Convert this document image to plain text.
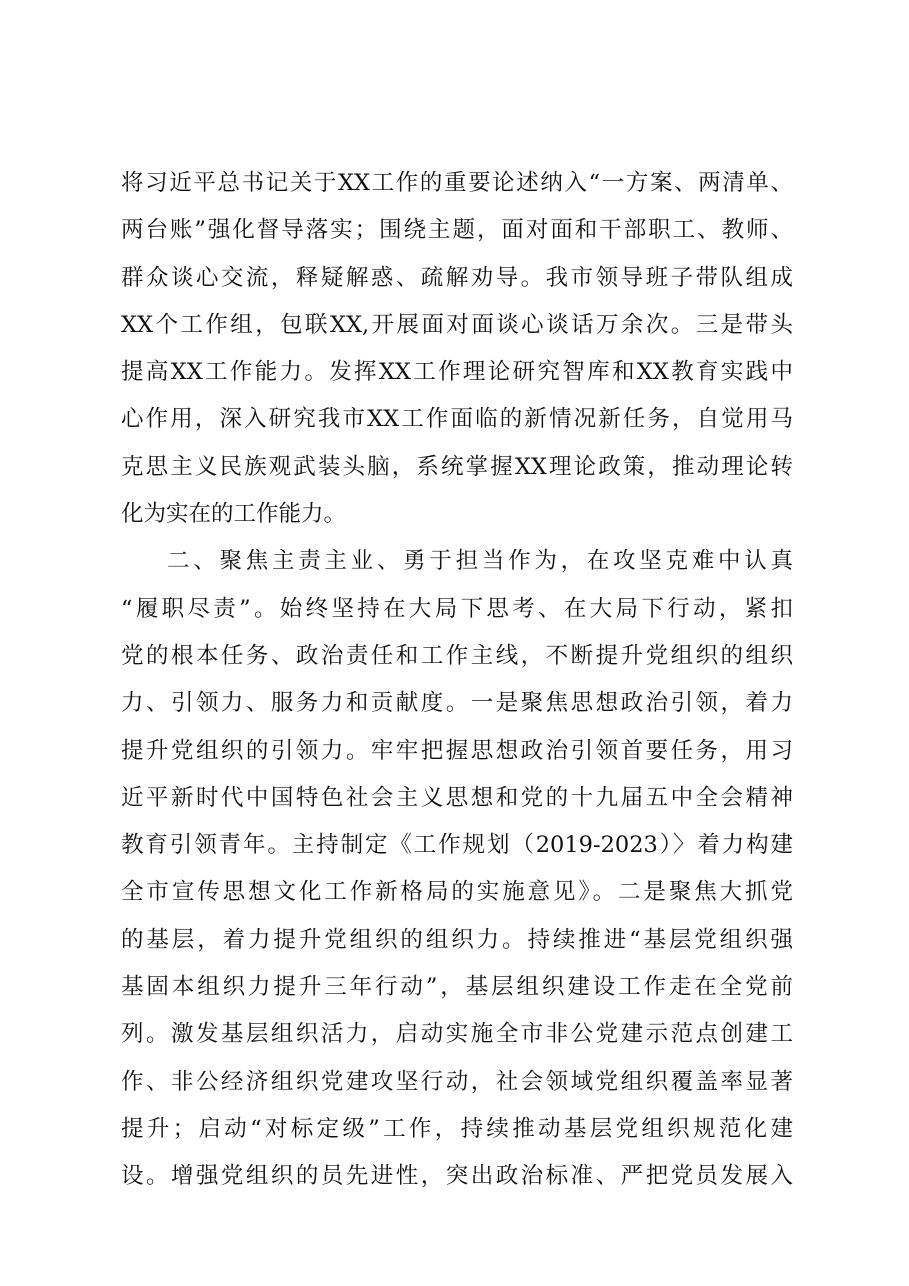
将习近平总书记关于XX工作的重要论述纳入“一方案、两清单、
两台账”强化督导落实；围绕主题，面对面和干部职工、教师、
群众谈心交流，释疑解惑、疏解劝导。我市领导班子带队组成
XX个工作组，包联XX,开展面对面谈心谈话万余次。三是带头
提高XX工作能力。发挥XX工作理论研究智库和XX教育实践中
心作用，深入研究我市XX工作面临的新情况新任务，自觉用马
克思主义民族观武装头脑，系统掌握XX理论政策，推动理论转
化为实在的工作能力。
二、聚焦主责主业、勇于担当作为，在攻坚克难中认真
“履职尽责”。始终坚持在大局下思考、在大局下行动，紧扣
党的根本任务、政治责任和工作主线，不断提升党组织的组织
力、引领力、服务力和贡献度。一是聚焦思想政治引领，着力
提升党组织的引领力。牢牢把握思想政治引领首要任务，用习
近平新时代中国特色社会主义思想和党的十九届五中全会精神
教育引领青年。主持制定《工作规划（2019-2023）〉着力构建
全市宣传思想文化工作新格局的实施意见》。二是聚焦大抓党
的基层，着力提升党组织的组织力。持续推进“基层党组织强
基固本组织力提升三年行动”，基层组织建设工作走在全党前
列。激发基层组织活力，启动实施全市非公党建示范点创建工
作、非公经济组织党建攻坚行动，社会领域党组织覆盖率显著
提升；启动“对标定级”工作，持续推动基层党组织规范化建
设。增强党组织的员先进性，突出政治标准、严把党员发展入
